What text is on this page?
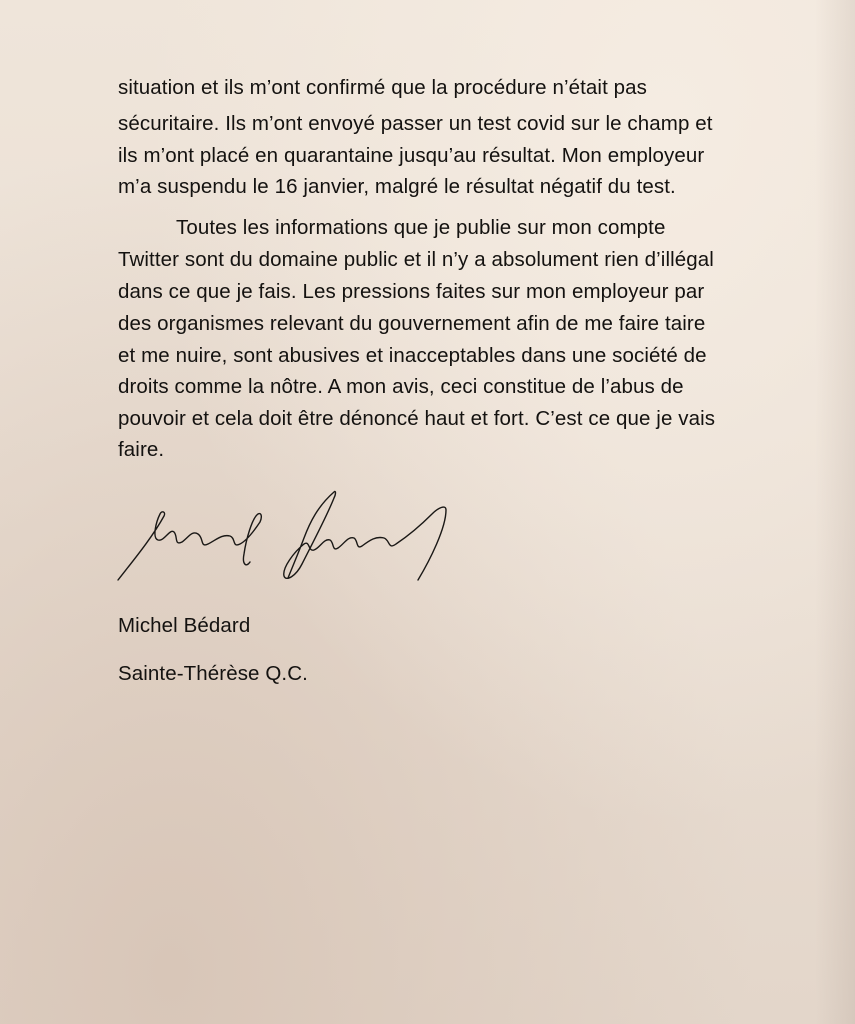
situation et ils m’ont confirmé que la procédure n’était pas
sécuritaire. Ils m’ont envoyé passer un test covid sur le champ et
ils m’ont placé en quarantaine jusqu’au résultat. Mon employeur
m’a suspendu le 16 janvier, malgré le résultat négatif du test.
Toutes les informations que je publie sur mon compte
Twitter sont du domaine public et il n’y a absolument rien d’illégal
dans ce que je fais. Les pressions faites sur mon employeur par
des organismes relevant du gouvernement afin de me faire taire
et me nuire, sont abusives et inacceptables dans une société de
droits comme la nôtre. A mon avis, ceci constitue de l’abus de
pouvoir et cela doit être dénoncé haut et fort. C’est ce que je vais
faire.
Michel Bédard
Sainte-Thérèse Q.C.
